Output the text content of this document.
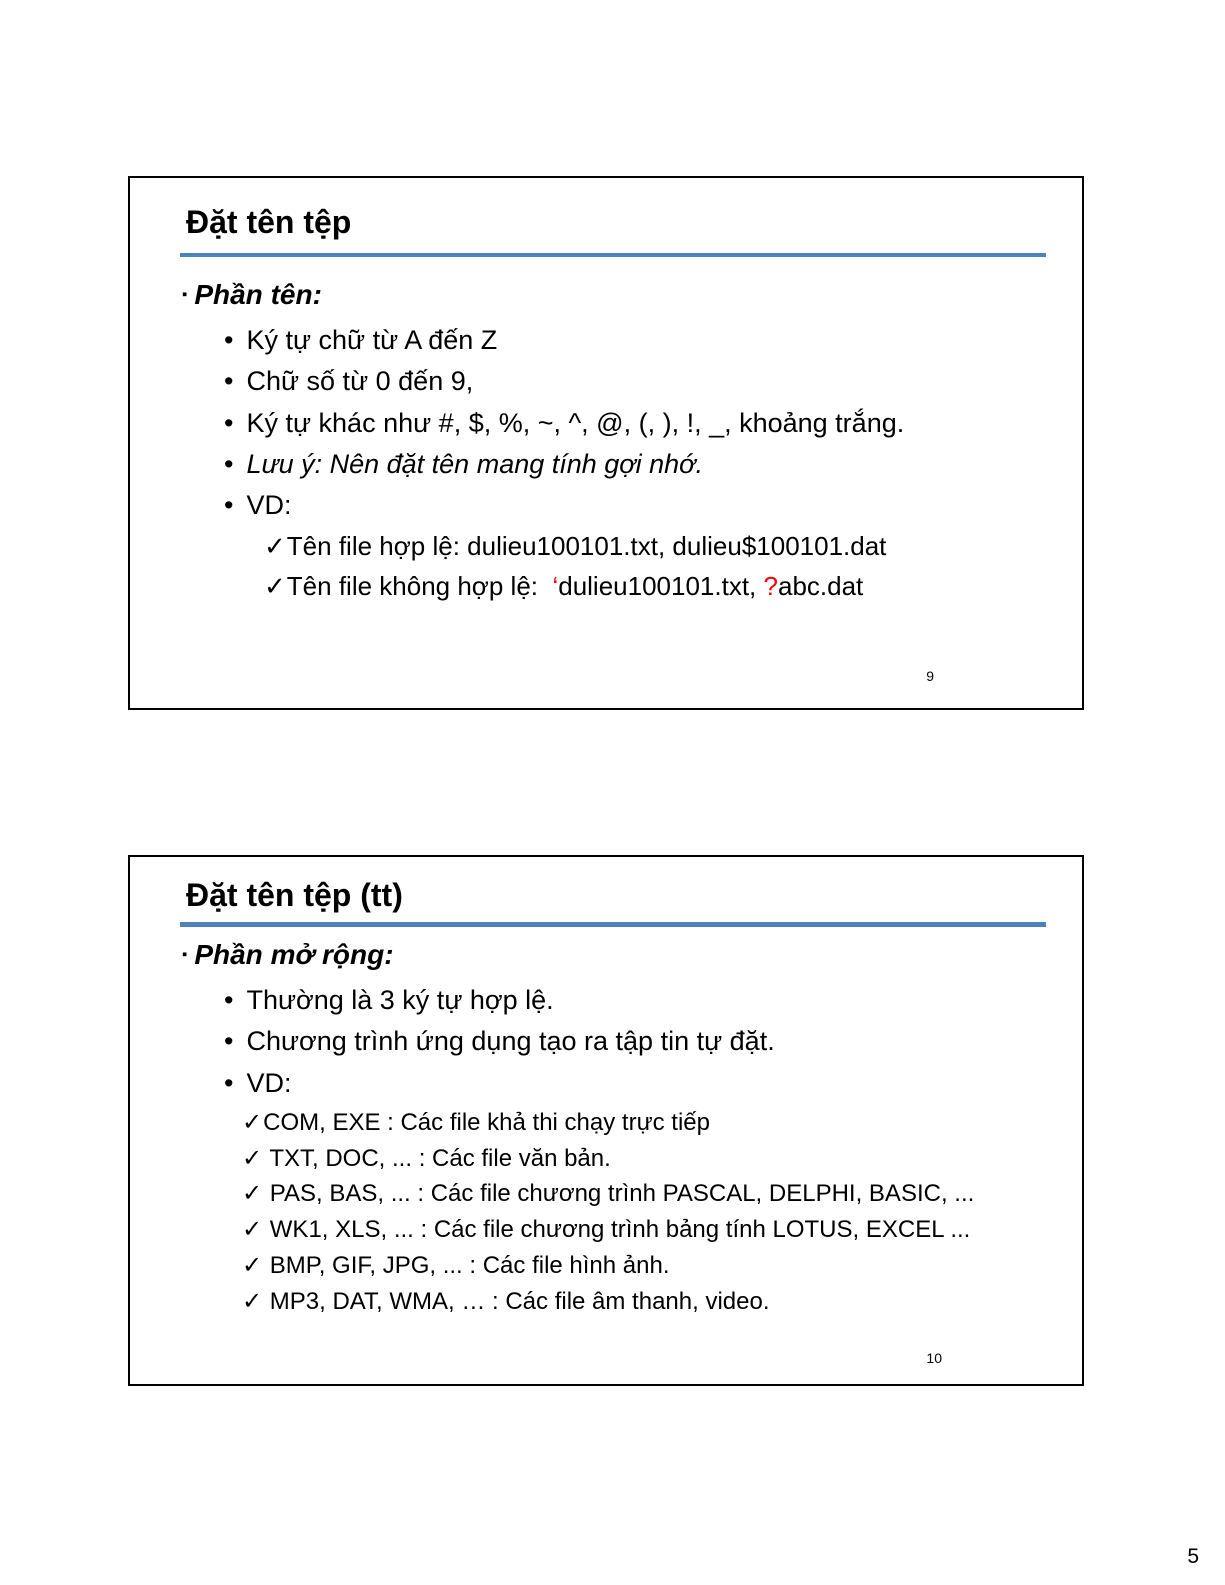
Đặt tên tệp
▪ Phần tên:
• Ký tự chữ từ A đến Z
• Chữ số từ 0 đến 9,
• Ký tự khác như #, $, %, ~, ^, @, (, ), !, _, khoảng trắng.
• Lưu ý: Nên đặt tên mang tính gợi nhớ.
• VD:
✓Tên file hợp lệ: dulieu100101.txt, dulieu$100101.dat
✓Tên file không hợp lệ:  ‘dulieu100101.txt, ?abc.dat
9
Đặt tên tệp (tt)
▪ Phần mở rộng:
• Thường là 3 ký tự hợp lệ.
• Chương trình ứng dụng tạo ra tập tin tự đặt.
• VD:
✓COM, EXE : Các file khả thi chạy trực tiếp
✓ TXT, DOC, ... : Các file văn bản.
✓ PAS, BAS, ... : Các file chương trình PASCAL, DELPHI, BASIC, ...
✓ WK1, XLS, ... : Các file chương trình bảng tính LOTUS, EXCEL ...
✓ BMP, GIF, JPG, ... : Các file hình ảnh.
✓ MP3, DAT, WMA, … : Các file âm thanh, video.
10
5
